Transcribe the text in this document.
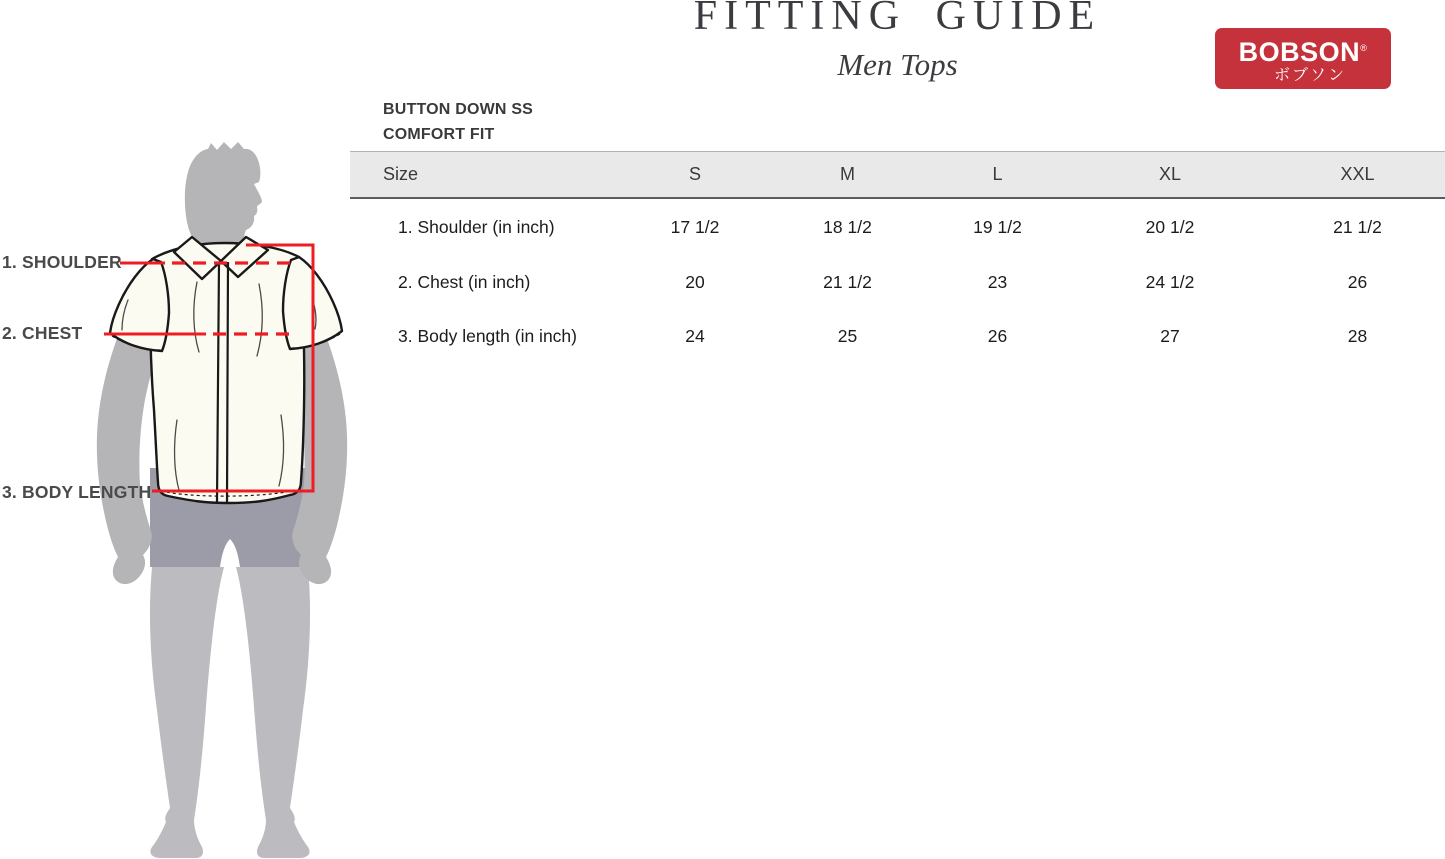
FITTING GUIDE
Men Tops	BOBSON®
ボブソン
BUTTON DOWN SS
COMFORT FIT
Size	S	M	L	XL	XXL
1. Shoulder (in inch)	17 1/2	18 1/2	19 1/2	20 1/2	21 1/2
2. Chest (in inch)	20	21 1/2	23	24 1/2	26
3. Body length (in inch)	24	25	26	27	28
1. SHOULDER
2. CHEST
3. BODY LENGTH
